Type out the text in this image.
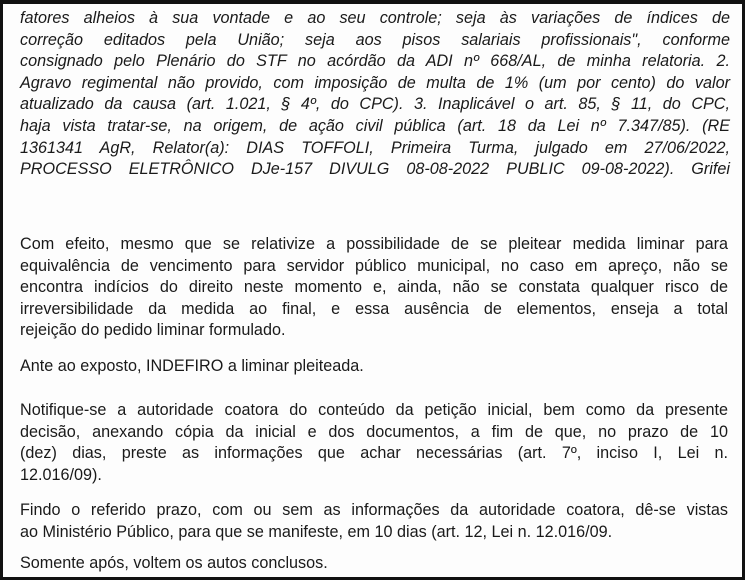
fatores alheios à sua vontade e ao seu controle; seja às variações de índices de
correção editados pela União; seja aos pisos salariais profissionais", conforme
consignado pelo Plenário do STF no acórdão da ADI nº 668/AL, de minha relatoria. 2.
Agravo regimental não provido, com imposição de multa de 1% (um por cento) do valor
atualizado da causa (art. 1.021, § 4º, do CPC). 3. Inaplicável o art. 85, § 11, do CPC,
haja vista tratar-se, na origem, de ação civil pública (art. 18 da Lei nº 7.347/85). (RE
1361341 AgR, Relator(a): DIAS TOFFOLI, Primeira Turma, julgado em 27/06/2022,
PROCESSO ELETRÔNICO DJe-157 DIVULG 08-08-2022 PUBLIC 09-08-2022). Grifei
Com efeito, mesmo que se relativize a possibilidade de se pleitear medida liminar para
equivalência de vencimento para servidor público municipal, no caso em apreço, não se
encontra indícios do direito neste momento e, ainda, não se constata qualquer risco de
irreversibilidade da medida ao final, e essa ausência de elementos, enseja a total
rejeição do pedido liminar formulado.
Ante ao exposto, INDEFIRO a liminar pleiteada.
Notifique-se a autoridade coatora do conteúdo da petição inicial, bem como da presente
decisão, anexando cópia da inicial e dos documentos, a fim de que, no prazo de 10
(dez) dias, preste as informações que achar necessárias (art. 7º, inciso I, Lei n.
12.016/09).
Findo o referido prazo, com ou sem as informações da autoridade coatora, dê-se vistas
ao Ministério Público, para que se manifeste, em 10 dias (art. 12, Lei n. 12.016/09.
Somente após, voltem os autos conclusos.
